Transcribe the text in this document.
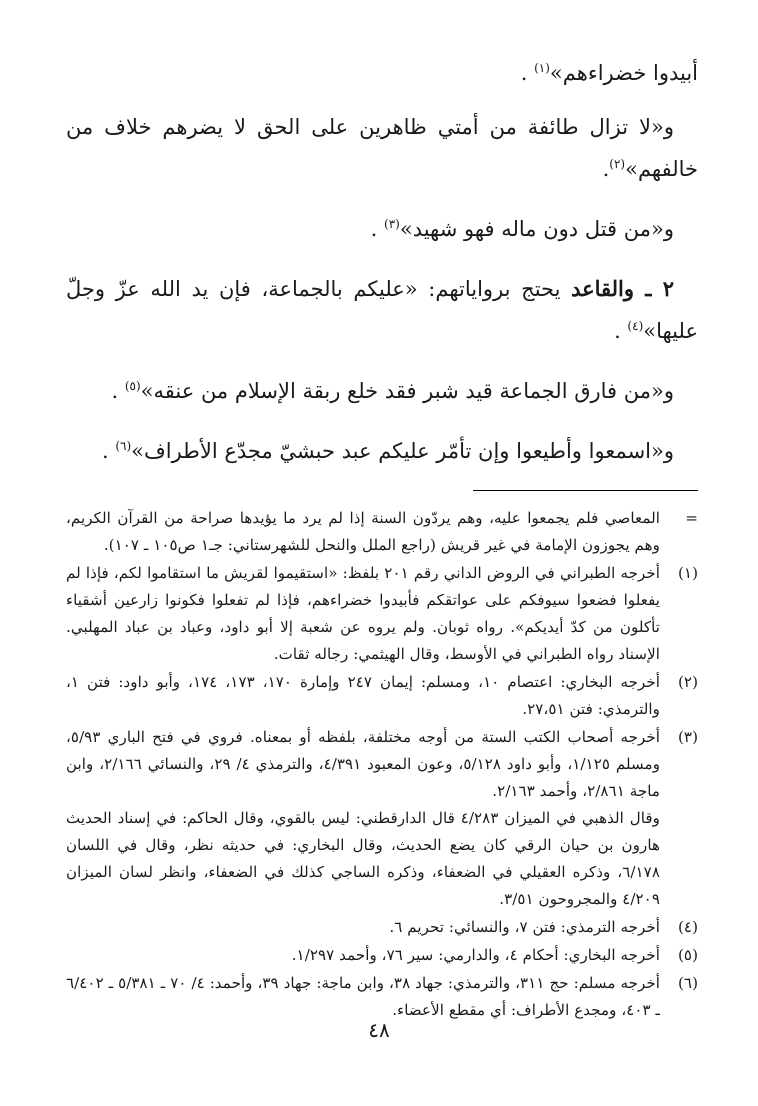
أبيدوا خضراءهم»$^{(١)}$ .

و«لا تزال طائفة من أمتي ظاهرين على الحق لا يضرهم خلاف من خالفهم»$^{(٢)}$.

و«من قتل دون ماله فهو شهيد»$^{(٣)}$ .

٢ ـ والقاعد يحتج برواياتهم: «عليكم بالجماعة، فإن يد الله عزّ وجلّ عليها»$^{(٤)}$ .

و«من فارق الجماعة قيد شبر فقد خلع ربقة الإسلام من عنقه»$^{(٥)}$ .

و«اسمعوا وأطيعوا وإن تأمّر عليكم عبد حبشيّ مجدّع الأطراف»$^{(٦)}$ .

=

المعاصي فلم يجمعوا عليه، وهم يردّون السنة إذا لم يرد ما يؤيدها صراحة من القرآن الكريم، وهم يجوزون الإمامة في غير قريش (راجع الملل والنحل للشهرستاني: جـ١ ص١٠٥ ـ ١٠٧).

(١)

أخرجه الطبراني في الروض الداني رقم ٢٠١ بلفظ: «استقيموا لقريش ما استقاموا لكم، فإذا لم يفعلوا فضعوا سيوفكم على عواتقكم فأبيدوا خضراءهم، فإذا لم تفعلوا فكونوا زارعين أشقياء تأكلون من كدّ أيديكم». رواه ثوبان. ولم يروه عن شعبة إلا أبو داود، وعباد بن عباد المهلبي. الإسناد رواه الطبراني في الأوسط، وقال الهيثمي: رجاله ثقات.

(٢)

أخرجه البخاري: اعتصام ١٠، ومسلم: إيمان ٢٤٧ وإمارة ١٧٠، ١٧٣، ١٧٤، وأبو داود: فتن ١، والترمذي: فتن ٢٧،٥١.

(٣)

أخرجه أصحاب الكتب الستة من أوجه مختلفة، بلفظه أو بمعناه. فروي في فتح الباري ٥/٩٣، ومسلم ١/١٢٥، وأبو داود ٥/١٢٨، وعون المعبود ٤/٣٩١، والترمذي ٤/ ٢٩، والنسائي ٢/١٦٦، وابن ماجة ٢/٨٦١، وأحمد ٢/١٦٣.

وقال الذهبي في الميزان ٤/٢٨٣ قال الدارقطني: ليس بالقوي، وقال الحاكم: في إسناد الحديث هارون بن حيان الرقي كان يضع الحديث، وقال البخاري: في حديثه نظر، وقال في اللسان ٦/١٧٨، وذكره العقيلي في الضعفاء، وذكره الساجي كذلك في الضعفاء، وانظر لسان الميزان ٤/٢٠٩ والمجروحون ٣/٥١.

(٤)

أخرجه الترمذي: فتن ٧، والنسائي: تحريم ٦.

(٥)

أخرجه البخاري: أحكام ٤، والدارمي: سير ٧٦، وأحمد ١/٢٩٧.

(٦)

أخرجه مسلم: حج ٣١١، والترمذي: جهاد ٣٨، وابن ماجة: جهاد ٣٩، وأحمد: ٤/ ٧٠ ـ ٥/٣٨١ ـ ٦/٤٠٢ ـ ٤٠٣، ومجدع الأطراف: أي مقطع الأعضاء.

٤٨
